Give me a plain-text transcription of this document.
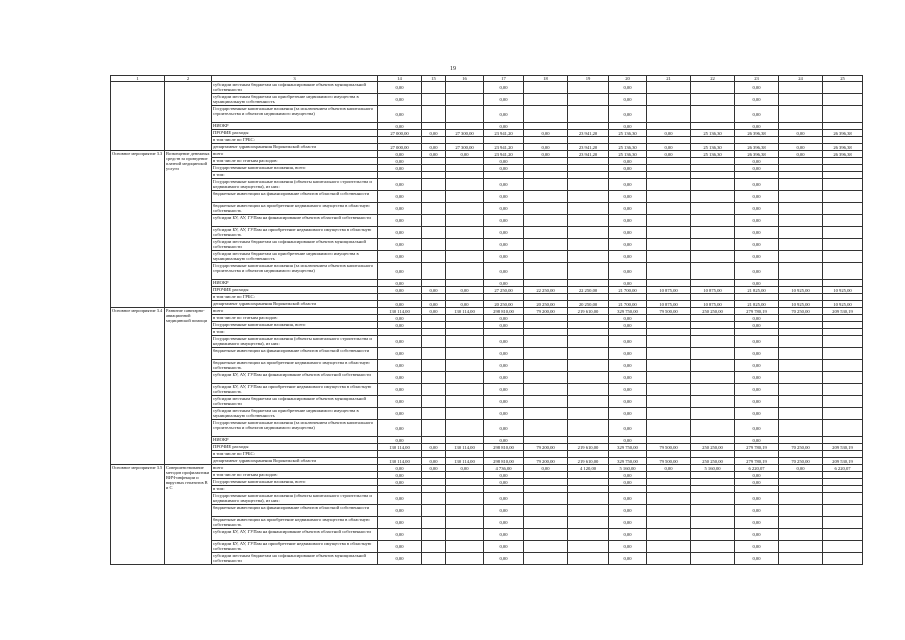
19
1	2	3	14	15	16	17	18	19	20	21	22	23	24	25
		субсидии местным бюджетам на софинансирование объектов муниципальной собственности	0,00			0,00			0,00			0,00		
		субсидии местным бюджетам на приобретение недвижимого имущества в муниципальную собственность	0,00			0,00			0,00			0,00		
		Государственные капитальные вложения (за исключением объектов капитального строительства и объектов недвижимого имущества)	0,00			0,00			0,00			0,00		
		НИОКР	0,00			0,00			0,00			0,00		
		ПРОЧИЕ расходы	27 000,00	0,00	27 300,00	23 941,20	0,00	23 941,20	25 136,30	0,00	25 136,30	26 396,38	0,00	26 396,38
		в том числе по ГРБС:												
		департамент здравоохранения Воронежской области	27 000,00	0,00	27 300,00	23 941,20	0,00	23 941,20	25 136,30	0,00	25 136,30	26 396,38	0,00	26 396,38
Основное мероприятие 3.3	Возмещение денежных средств за проведение платной медицинской услуги	всего	0,00	0,00	0,00	23 941,20	0,00	23 941,20	25 136,30	0,00	25 136,30	26 396,38	0,00	26 396,38
		в том числе по статьям расходов:	0,00			0,00			0,00			0,00		
		Государственные капитальные вложения, всего	0,00			0,00			0,00			0,00		
		в том:												
		Государственные капитальные вложения (объекты капитального строительства и недвижимого имущества), из них:	0,00			0,00			0,00			0,00		
		бюджетные инвестиции на финансирование объектов областной собственности	0,00			0,00			0,00			0,00		
		бюджетные инвестиции на приобретение недвижимого имущества в областную собственность	0,00			0,00			0,00			0,00		
		субсидии БУ, АУ, ГУПам на финансирование объектов областной собственности	0,00			0,00			0,00			0,00		
		субсидии БУ, АУ, ГУПам на приобретение недвижимого имущества в областную собственность	0,00			0,00			0,00			0,00		
		субсидии местным бюджетам на софинансирование объектов муниципальной собственности	0,00			0,00			0,00			0,00		
		субсидии местным бюджетам на приобретение недвижимого имущества в муниципальную собственность	0,00			0,00			0,00			0,00		
		Государственные капитальные вложения (за исключением объектов капитального строительства и объектов недвижимого имущества)	0,00			0,00			0,00			0,00		
		НИОКР	0,00			0,00			0,00			0,00		
		ПРОЧИЕ расходы	0,00	0,00	0,00	27 250,00	22 250,00	22 250,00	21 700,00	10 875,00	10 875,00	21 825,00	10 925,00	10 925,00
		в том числе по ГРБС:												
		департамент здравоохранения Воронежской области	0,00	0,00	0,00	20 250,00	20 250,00	20 250,00	21 700,00	10 875,00	10 875,00	21 825,00	10 925,00	10 925,00
Основное мероприятие 3.4	Развитие санитарно-авиационной медицинской помощи	всего	130 114,00	0,00	130 114,00	298 810,00	79 200,00	219 610,00	329 750,00	79 500,00	250 250,00	279 780,19	70 250,00	209 530,19
		в том числе по статьям расходов:	0,00			0,00			0,00			0,00		
		Государственные капитальные вложения, всего	0,00			0,00			0,00			0,00		
		в том:												
		Государственные капитальные вложения (объекты капитального строительства и недвижимого имущества), из них:	0,00			0,00			0,00			0,00		
		бюджетные инвестиции на финансирование объектов областной собственности	0,00			0,00			0,00			0,00		
		бюджетные инвестиции на приобретение недвижимого имущества в областную собственность	0,00			0,00			0,00			0,00		
		субсидии БУ, АУ, ГУПам на финансирование объектов областной собственности	0,00			0,00			0,00			0,00		
		субсидии БУ, АУ, ГУПам на приобретение недвижимого имущества в областную собственность	0,00			0,00			0,00			0,00		
		субсидии местным бюджетам на софинансирование объектов муниципальной собственности	0,00			0,00			0,00			0,00		
		субсидии местным бюджетам на приобретение недвижимого имущества в муниципальную собственность	0,00			0,00			0,00			0,00		
		Государственные капитальные вложения (за исключением объектов капитального строительства и объектов недвижимого имущества)	0,00			0,00			0,00			0,00		
		НИОКР	0,00			0,00			0,00			0,00		
		ПРОЧИЕ расходы	130 114,00	0,00	130 114,00	298 810,00	79 200,00	219 610,00	329 750,00	79 500,00	250 250,00	279 780,19	70 250,00	209 530,19
		в том числе по ГРБС:												
		департамент здравоохранения Воронежской области	130 114,00	0,00	130 114,00	298 810,00	79 200,00	219 610,00	329 750,00	79 500,00	250 250,00	279 780,19	70 250,00	209 530,19
Основное мероприятие 3.5	Совершенствование методов профилактики ВИЧ-инфекции и вирусных гепатитов В и С	всего	0,00	0,00	0,00	4 736,00	0,00	4 120,00	5 160,00	0,00	5 160,00	6 220,07	0,00	6 220,07
		в том числе по статьям расходов:	0,00			0,00			0,00			0,00		
		Государственные капитальные вложения, всего	0,00			0,00			0,00			0,00		
		в том:												
		Государственные капитальные вложения (объекты капитального строительства и недвижимого имущества), из них:	0,00			0,00			0,00			0,00		
		бюджетные инвестиции на финансирование объектов областной собственности	0,00			0,00			0,00			0,00		
		бюджетные инвестиции на приобретение недвижимого имущества в областную собственность	0,00			0,00			0,00			0,00		
		субсидии БУ, АУ, ГУПам на финансирование объектов областной собственности	0,00			0,00			0,00			0,00		
		субсидии БУ, АУ, ГУПам на приобретение недвижимого имущества в областную собственность	0,00			0,00			0,00			0,00		
		субсидии местным бюджетам на софинансирование объектов муниципальной собственности	0,00			0,00			0,00			0,00		
